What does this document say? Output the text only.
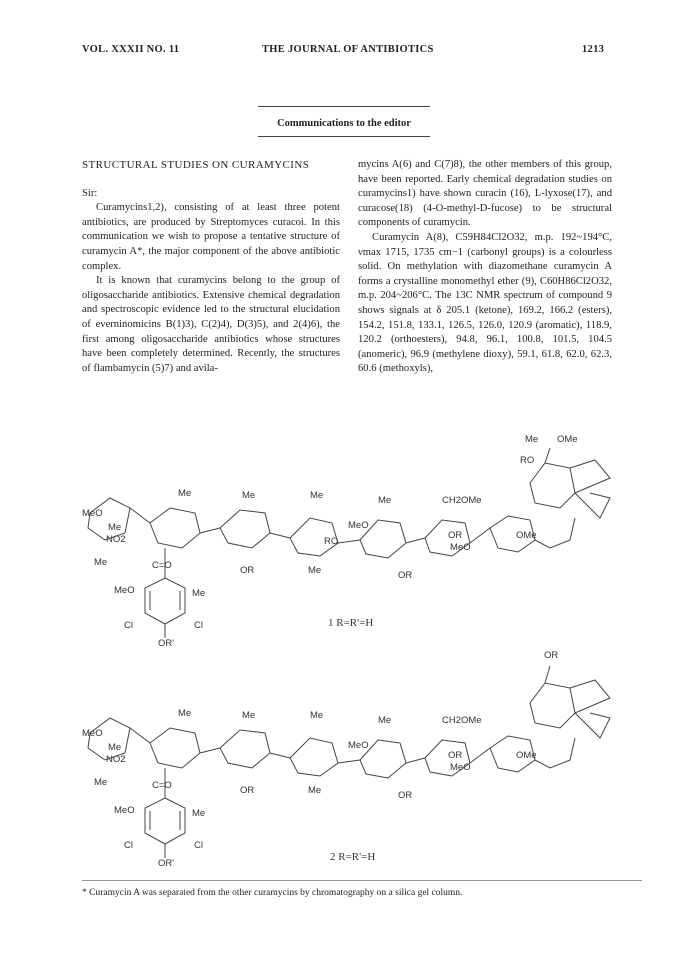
VOL. XXXII NO. 11	THE JOURNAL OF ANTIBIOTICS	1213
Communications to the editor

STRUCTURAL STUDIES ON CURAMYCINS

Sir:

Curamycins1,2), consisting of at least three potent antibiotics, are produced by Streptomyces curacoi. In this communication we wish to propose a tentative structure of curamycin A*, the major component of the above antibiotic complex.

It is known that curamycins belong to the group of oligosaccharide antibiotics. Extensive chemical degradation and spectroscopic evidence led to the structural elucidation of everninomicins B(1)3), C(2)4), D(3)5), and 2(4)6), the first among oligosaccharide antibiotics whose structures have been completely determined. Recently, the structures of flambamycin (5)7) and avila-

mycins A(6) and C(7)8), the other members of this group, have been reported. Early chemical degradation studies on curamycins1) have shown curacin (16), L-lyxose(17), and curacose(18) (4-O-methyl-D-fucose) to be structural components of curamycin.

Curamycin A(8), C59H84Cl2O32, m.p. 192~194°C, νmax 1715, 1735 cm−1 (carbonyl groups) is a colourless solid. On methylation with diazomethane curamycin A forms a crystalline monomethyl ether (9), C60H86Cl2O32, m.p. 204~206°C. The 13C NMR spectrum of compound 9 shows signals at δ 205.1 (ketone), 169.2, 166.2 (esters), 154.2, 151.8, 133.1, 126.5, 126.0, 120.9 (aromatic), 118.9, 120.2 (orthoesters), 94.8, 96.1, 100.8, 101.5, 104.5 (anomeric), 96.9 (methylene dioxy), 59.1, 61.8, 62.0, 62.3, 60.6 (methoxyls),

Me OMe
RO
MeO
Me
NO2
Me	Me	Me	Me	CH2OMe
MeO
RO
OR
MeO
OMe
Me
OR	Me	OR
C=O
MeO	Me
Cl	Cl
OR'
1 R=R'=H
OR
MeO
Me
NO2
Me	Me	Me	Me	CH2OMe
MeO
OR
MeO
OMe
Me
OR	Me	OR
C=O
MeO	Me
Cl	Cl
OR'
2 R=R'=H
* Curamycin A was separated from the other curamycins by chromatography on a silica gel column.
